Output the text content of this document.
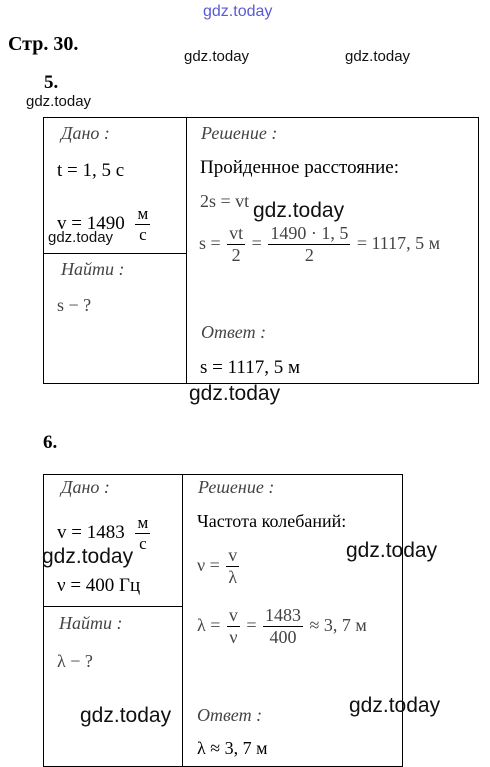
gdz.today
gdz.today	gdz.today
gdz.today
gdz.today
Стр. 30.
5.
Дано :
t = 1, 5 с
$v = 1490 \frac{м}{с}$
Найти :
s − ?
Решение :
Пройденное расстояние:
2s = vt gdz.today
$s = \frac{vt}{2} = \frac{1490 \cdot 1, 5}{2} = 1117$, 5 м
Ответ :
s = 1117, 5 м
gdz.today
6.
Дано :
$v = 1483 \frac{м}{с}$
gdz.today
ν = 400 Гц
Найти :
λ − ?
Решение :
Частота колебаний:
gdz.today
$\nu = \frac{v}{\lambda}$
$\lambda = \frac{v}{\nu} = \frac{1483}{400} \approx 3$, 7 м
gdz.today Ответ :	gdz.today
λ ≈ 3, 7 м
